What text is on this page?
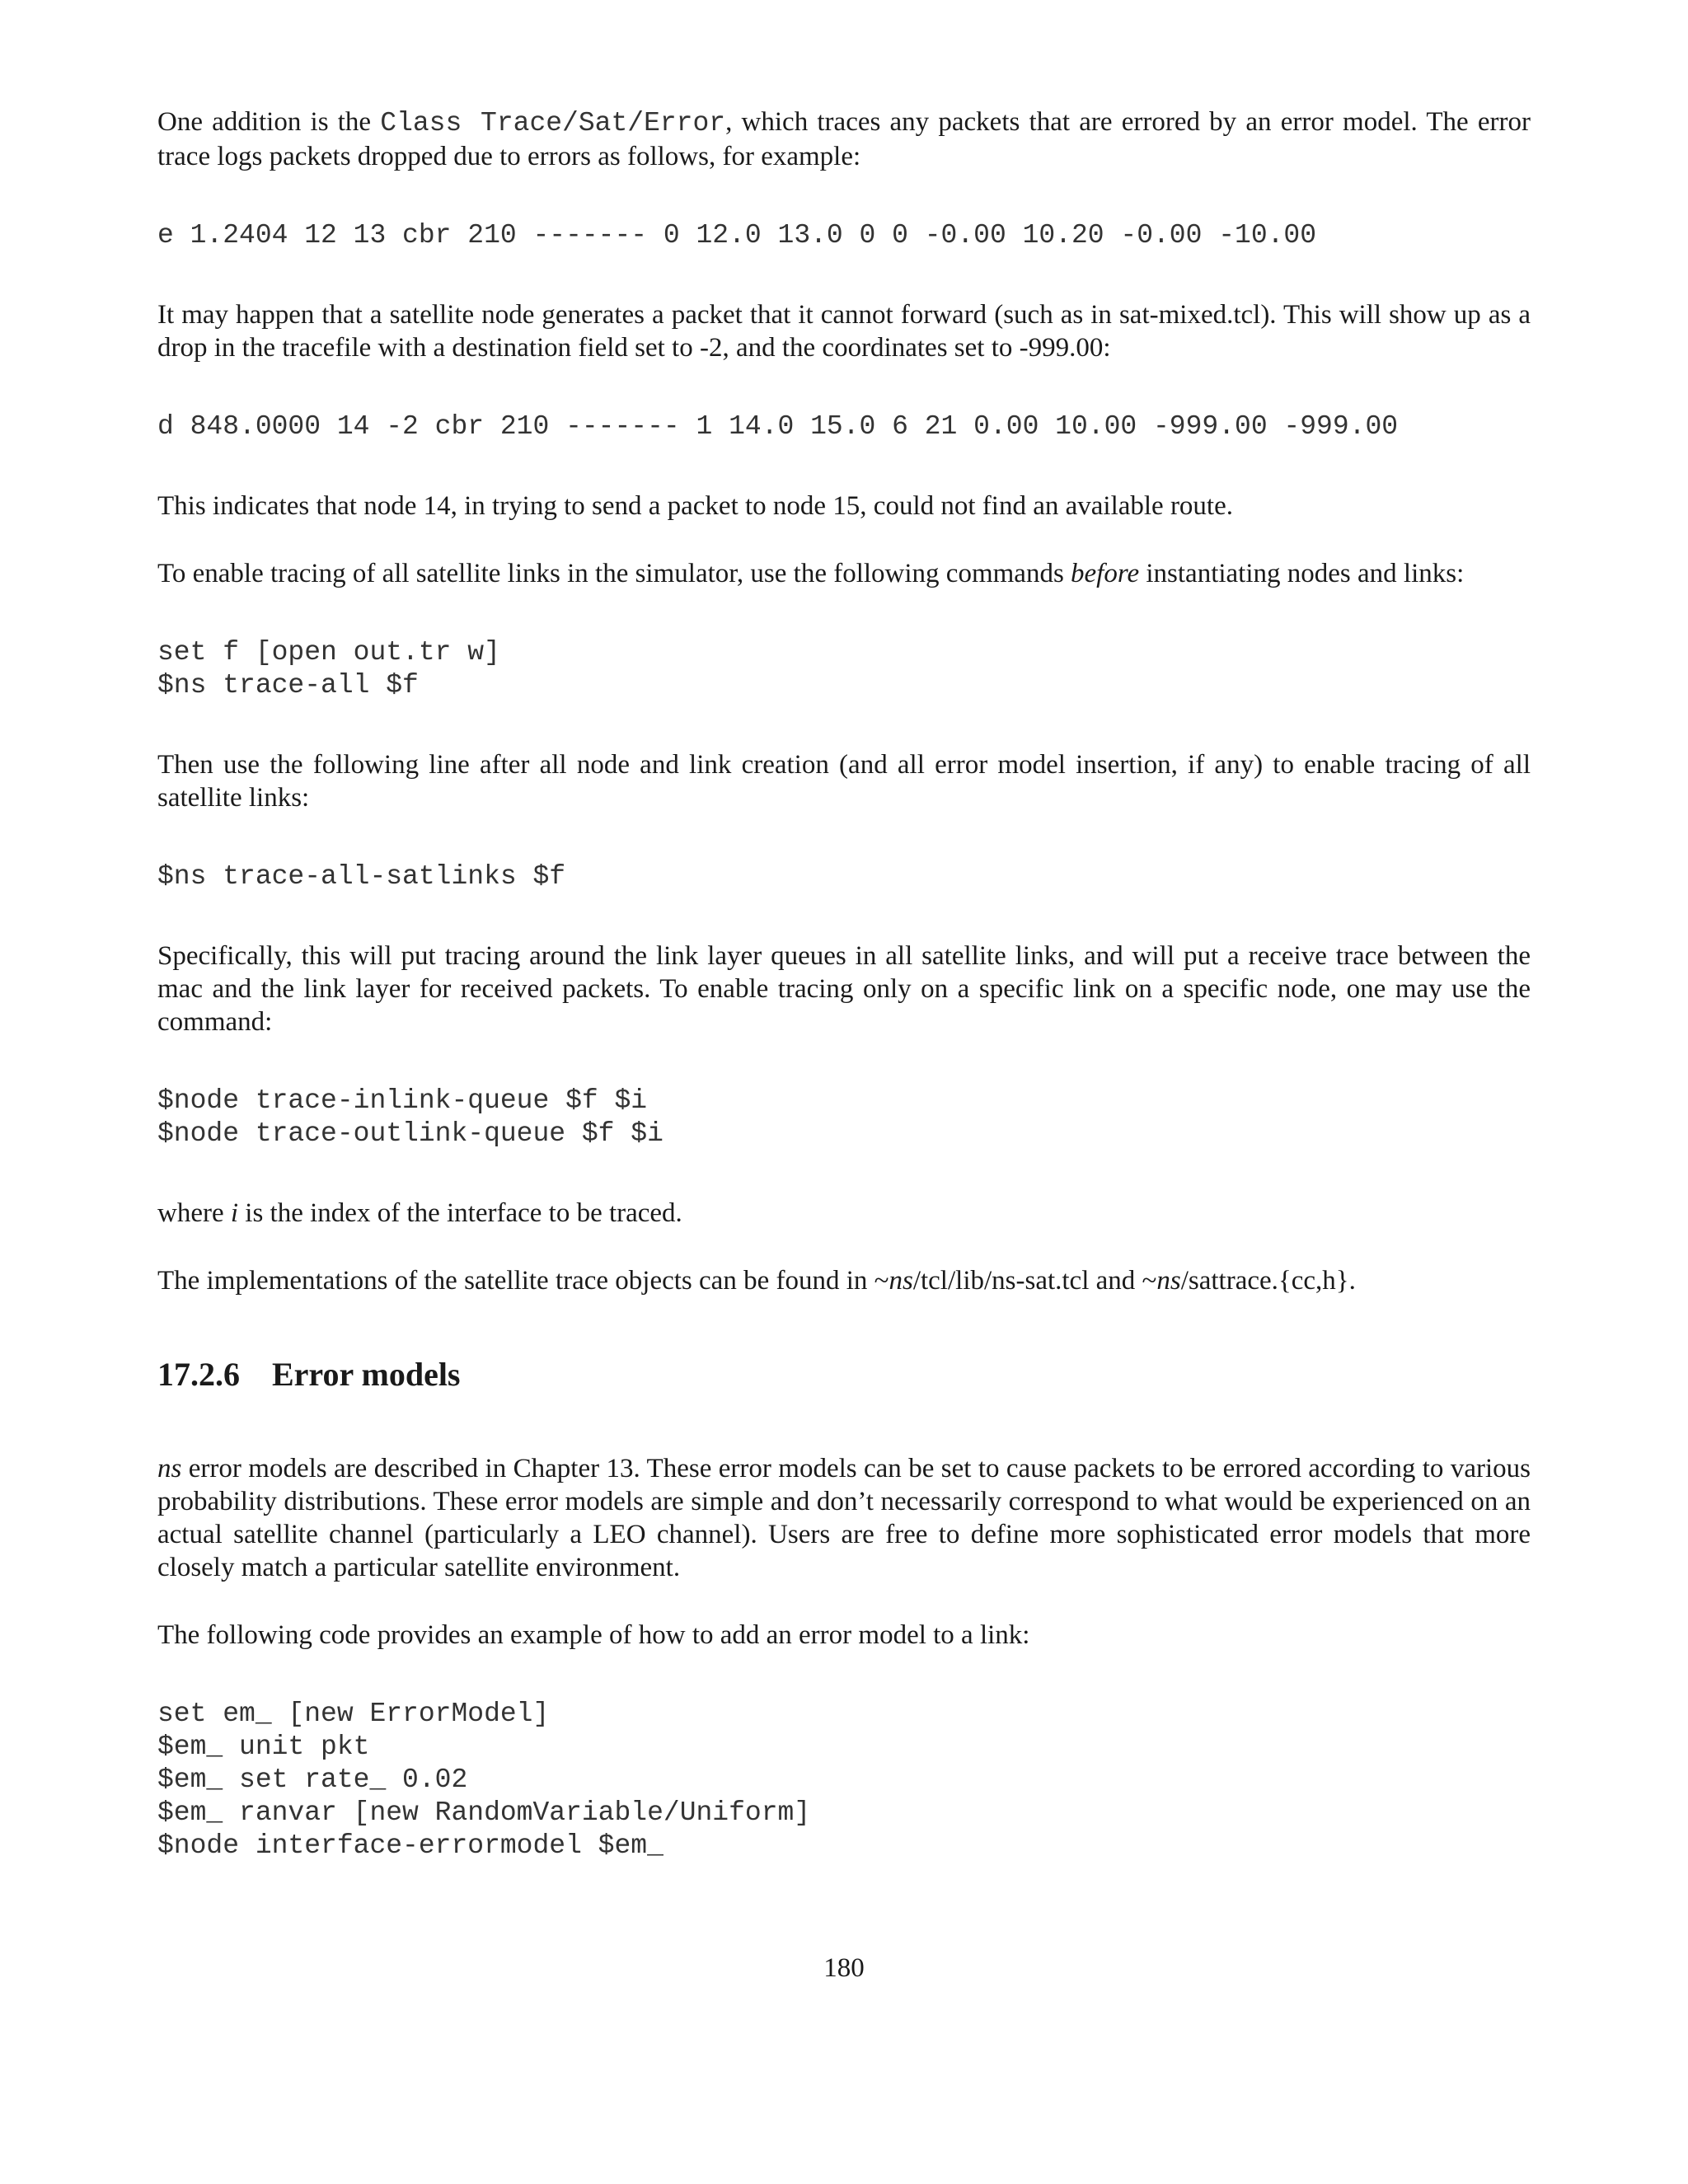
One addition is the Class Trace/Sat/Error, which traces any packets that are errored by an error model. The error trace logs packets dropped due to errors as follows, for example:

e 1.2404 12 13 cbr 210 ------- 0 12.0 13.0 0 0 -0.00 10.20 -0.00 -10.00

It may happen that a satellite node generates a packet that it cannot forward (such as in sat-mixed.tcl). This will show up as a drop in the tracefile with a destination field set to -2, and the coordinates set to -999.00:

d 848.0000 14 -2 cbr 210 ------- 1 14.0 15.0 6 21 0.00 10.00 -999.00 -999.00

This indicates that node 14, in trying to send a packet to node 15, could not find an available route.

To enable tracing of all satellite links in the simulator, use the following commands before instantiating nodes and links:

set f [open out.tr w]
$ns trace-all $f

Then use the following line after all node and link creation (and all error model insertion, if any) to enable tracing of all satellite links:

$ns trace-all-satlinks $f

Specifically, this will put tracing around the link layer queues in all satellite links, and will put a receive trace between the mac and the link layer for received packets. To enable tracing only on a specific link on a specific node, one may use the command:

$node trace-inlink-queue $f $i
$node trace-outlink-queue $f $i

where i is the index of the interface to be traced.

The implementations of the satellite trace objects can be found in ~ns/tcl/lib/ns-sat.tcl and ~ns/sattrace.{cc,h}.

17.2.6 Error models

ns error models are described in Chapter 13. These error models can be set to cause packets to be errored according to various probability distributions. These error models are simple and don’t necessarily correspond to what would be experienced on an actual satellite channel (particularly a LEO channel). Users are free to define more sophisticated error models that more closely match a particular satellite environment.

The following code provides an example of how to add an error model to a link:

set em_ [new ErrorModel]
$em_ unit pkt
$em_ set rate_ 0.02
$em_ ranvar [new RandomVariable/Uniform]
$node interface-errormodel $em_
180
